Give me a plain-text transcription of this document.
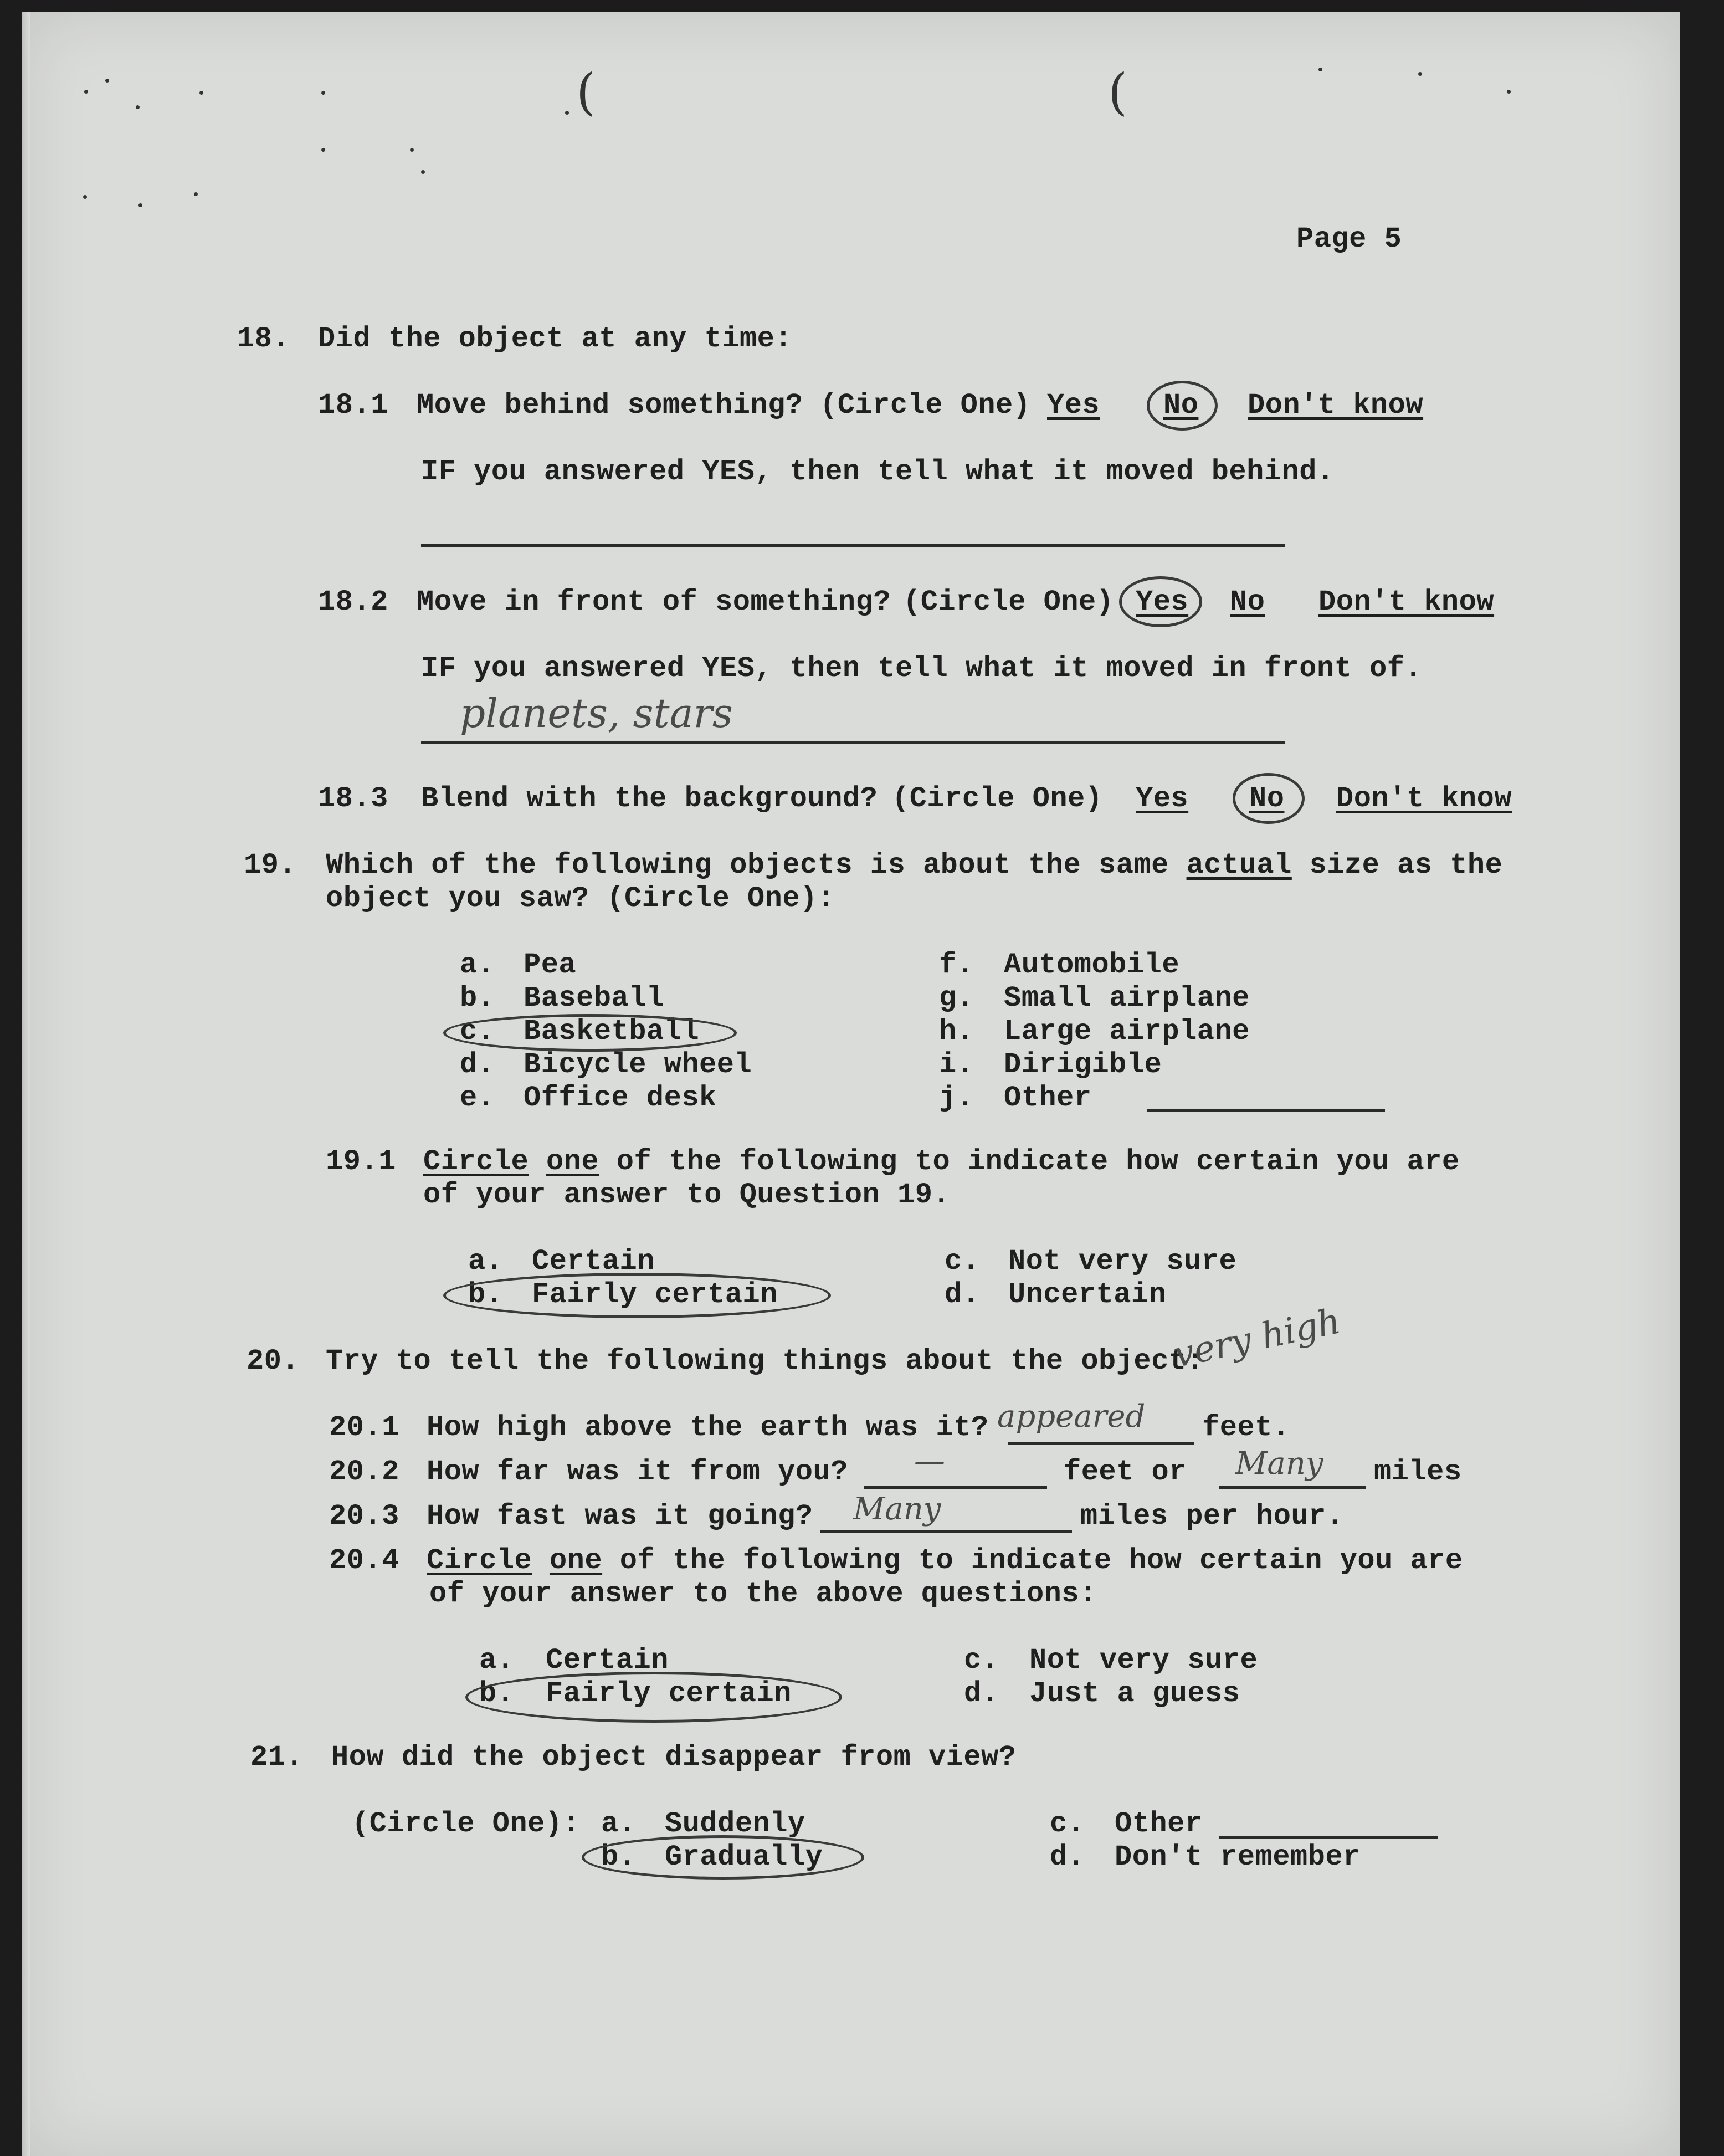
(	(
Page 5
18. Did the object at any time:
18.1 Move behind something? (Circle One) Yes No Don't know
IF you answered YES, then tell what it moved behind.
18.2 Move in front of something? (Circle One) Yes No Don't know
IF you answered YES, then tell what it moved in front of.
planets, stars
18.3 Blend with the background? (Circle One) Yes No Don't know
19. Which of the following objects is about the same actual size as the
object you saw? (Circle One):
a. Pea
b. Baseball
c. Basketball
d. Bicycle wheel
e. Office desk
f. Automobile
g. Small airplane
h. Large airplane
i. Dirigible
j. Other
19.1 Circle one of the following to indicate how certain you are
of your answer to Question 19.
a. Certain
b. Fairly certain
c. Not very sure
d. Uncertain
20. Try to tell the following things about the object:
very high
20.1 How high above the earth was it? appeared feet.
20.2 How far was it from you? —	feet or Many miles
20.3 How fast was it going? Many	miles per hour.
20.4 Circle one of the following to indicate how certain you are
of your answer to the above questions:
a. Certain
b. Fairly certain
c. Not very sure
d. Just a guess
21. How did the object disappear from view?
(Circle One): a. Suddenly
b. Gradually
c. Other
d. Don't remember
